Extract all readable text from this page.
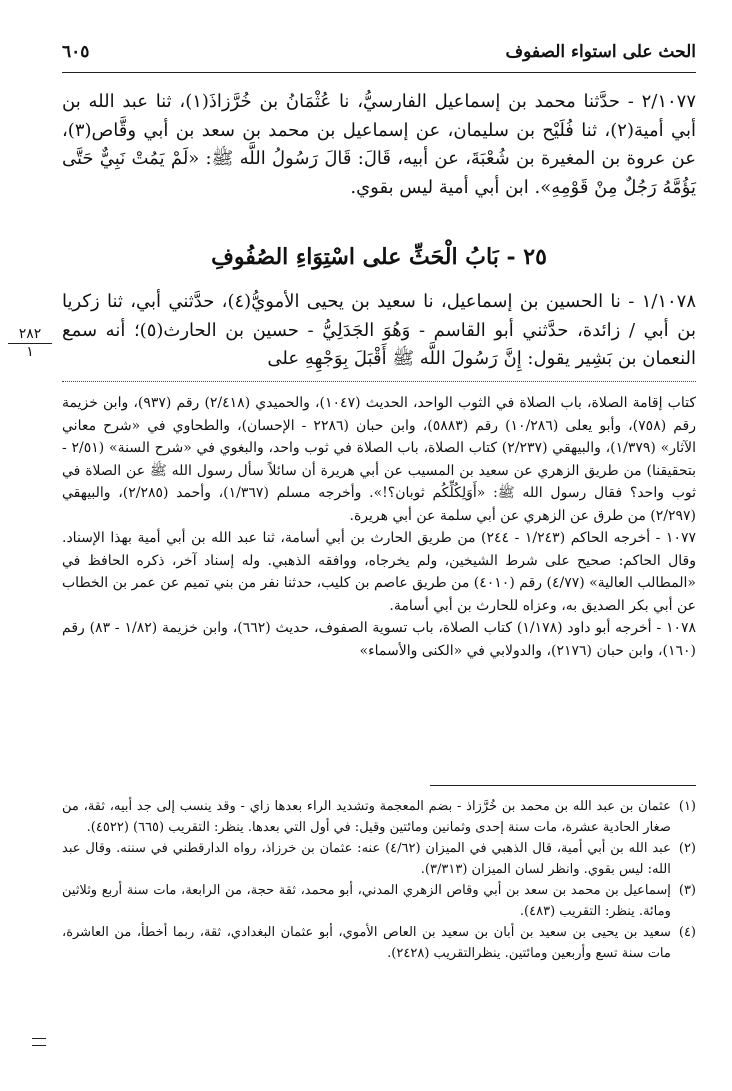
الحث على استواء الصفوف
٦٠٥

٢/١٠٧٧ - حدَّثنا محمد بن إسماعيل الفارسيُّ، نا عُثْمَانُ بن خُرَّزاذَ(١)، ثنا عبد الله بن أبي أمية(٢)، ثنا فُلَيْح بن سليمان، عن إسماعيل بن محمد بن سعد بن أبي وقَّاص(٣)، عن عروة بن المغيرة بن شُعْبَةَ، عن أبيه، قَالَ: قَالَ رَسُولُ اللَّه ﷺ: «لَمْ يَمُتْ نَبِيٌّ حَتَّى يَؤُمَّهُ رَجُلٌ مِنْ قَوْمِهِ». ابن أبي أمية ليس بقوي.

٢٥ - بَابُ الْحَثِّ على اسْتِوَاءِ الصُفُوفِ
٢٨٢
١

١/١٠٧٨ - نا الحسين بن إسماعيل، نا سعيد بن يحيى الأمويُّ(٤)، حدَّثني أبي، ثنا زكريا بن أبي / زائدة، حدَّثني أبو القاسم - وَهُوَ الجَدَلِيُّ - حسين بن الحارث(٥)؛ أنه سمع النعمان بن بَشِير يقول: إِنَّ رَسُولَ اللَّه ﷺ أَقْبَلَ بِوَجْهِهِ على

كتاب إقامة الصلاة، باب الصلاة في الثوب الواحد، الحديث (١٠٤٧)، والحميدي (٢/٤١٨) رقم (٩٣٧)، وابن خزيمة رقم (٧٥٨)، وأبو يعلى (١٠/٢٨٦) رقم (٥٨٨٣)، وابن حبان (٢٢٨٦ - الإحسان)، والطحاوي في «شرح معاني الآثار» (١/٣٧٩)، والبيهقي (٢/٢٣٧) كتاب الصلاة، باب الصلاة في ثوب واحد، والبغوي في «شرح السنة» (٢/٥١ - بتحقيقنا) من طريق الزهري عن سعيد بن المسيب عن أبي هريرة أن سائلاً سأل رسول الله ﷺ عن الصلاة في ثوب واحد؟ فقال رسول الله ﷺ: «أَوَلِكُلِّكُم ثوبان؟!». وأخرجه مسلم (١/٣٦٧)، وأحمد (٢/٢٨٥)، والبيهقي (٢/٢٩٧) من طرق عن الزهري عن أبي سلمة عن أبي هريرة.

١٠٧٧ - أخرجه الحاكم (١/٢٤٣ - ٢٤٤) من طريق الحارث بن أبي أسامة، ثنا عبد الله بن أبي أمية بهذا الإسناد. وقال الحاكم: صحيح على شرط الشيخين، ولم يخرجاه، ووافقه الذهبي. وله إسناد آخر، ذكره الحافظ في «المطالب العالية» (٤/٧٧) رقم (٤٠١٠) من طريق عاصم بن كليب، حدثنا نفر من بني تميم عن عمر بن الخطاب عن أبي بكر الصديق به، وعزاه للحارث بن أبي أسامة.

١٠٧٨ - أخرجه أبو داود (١/١٧٨) كتاب الصلاة، باب تسوية الصفوف، حديث (٦٦٢)، وابن خزيمة (١/٨٢ - ٨٣) رقم (١٦٠)، وابن حبان (٢١٧٦)، والدولابي في «الكنى والأسماء»

(١)
عثمان بن عبد الله بن محمد بن خُرَّزاذ - بضم المعجمة وتشديد الراء بعدها زاي - وقد ينسب إلى جد أبيه، ثقة، من صغار الحادية عشرة، مات سنة إحدى وثمانين ومائتين وقيل: في أول التي بعدها. ينظر: التقريب (٦٦٥) (٤٥٢٢).
(٢)
عبد الله بن أبي أمية، قال الذهبي في الميزان (٤/٦٢) عنه: عثمان بن خرزاذ، رواه الدارقطني في سننه. وقال عبد الله: ليس بقوي. وانظر لسان الميزان (٣/٣١٣).
(٣)
إسماعيل بن محمد بن سعد بن أبي وقاص الزهري المدني، أبو محمد، ثقة حجة، من الرابعة، مات سنة أربع وثلاثين ومائة. ينظر: التقريب (٤٨٣).
(٤)
سعيد بن يحيى بن سعيد بن أبان بن سعيد بن العاص الأموي، أبو عثمان البغدادي، ثقة، ربما أخطأ، من العاشرة، مات سنة تسع وأربعين ومائتين. ينظرالتقريب (٢٤٢٨).
